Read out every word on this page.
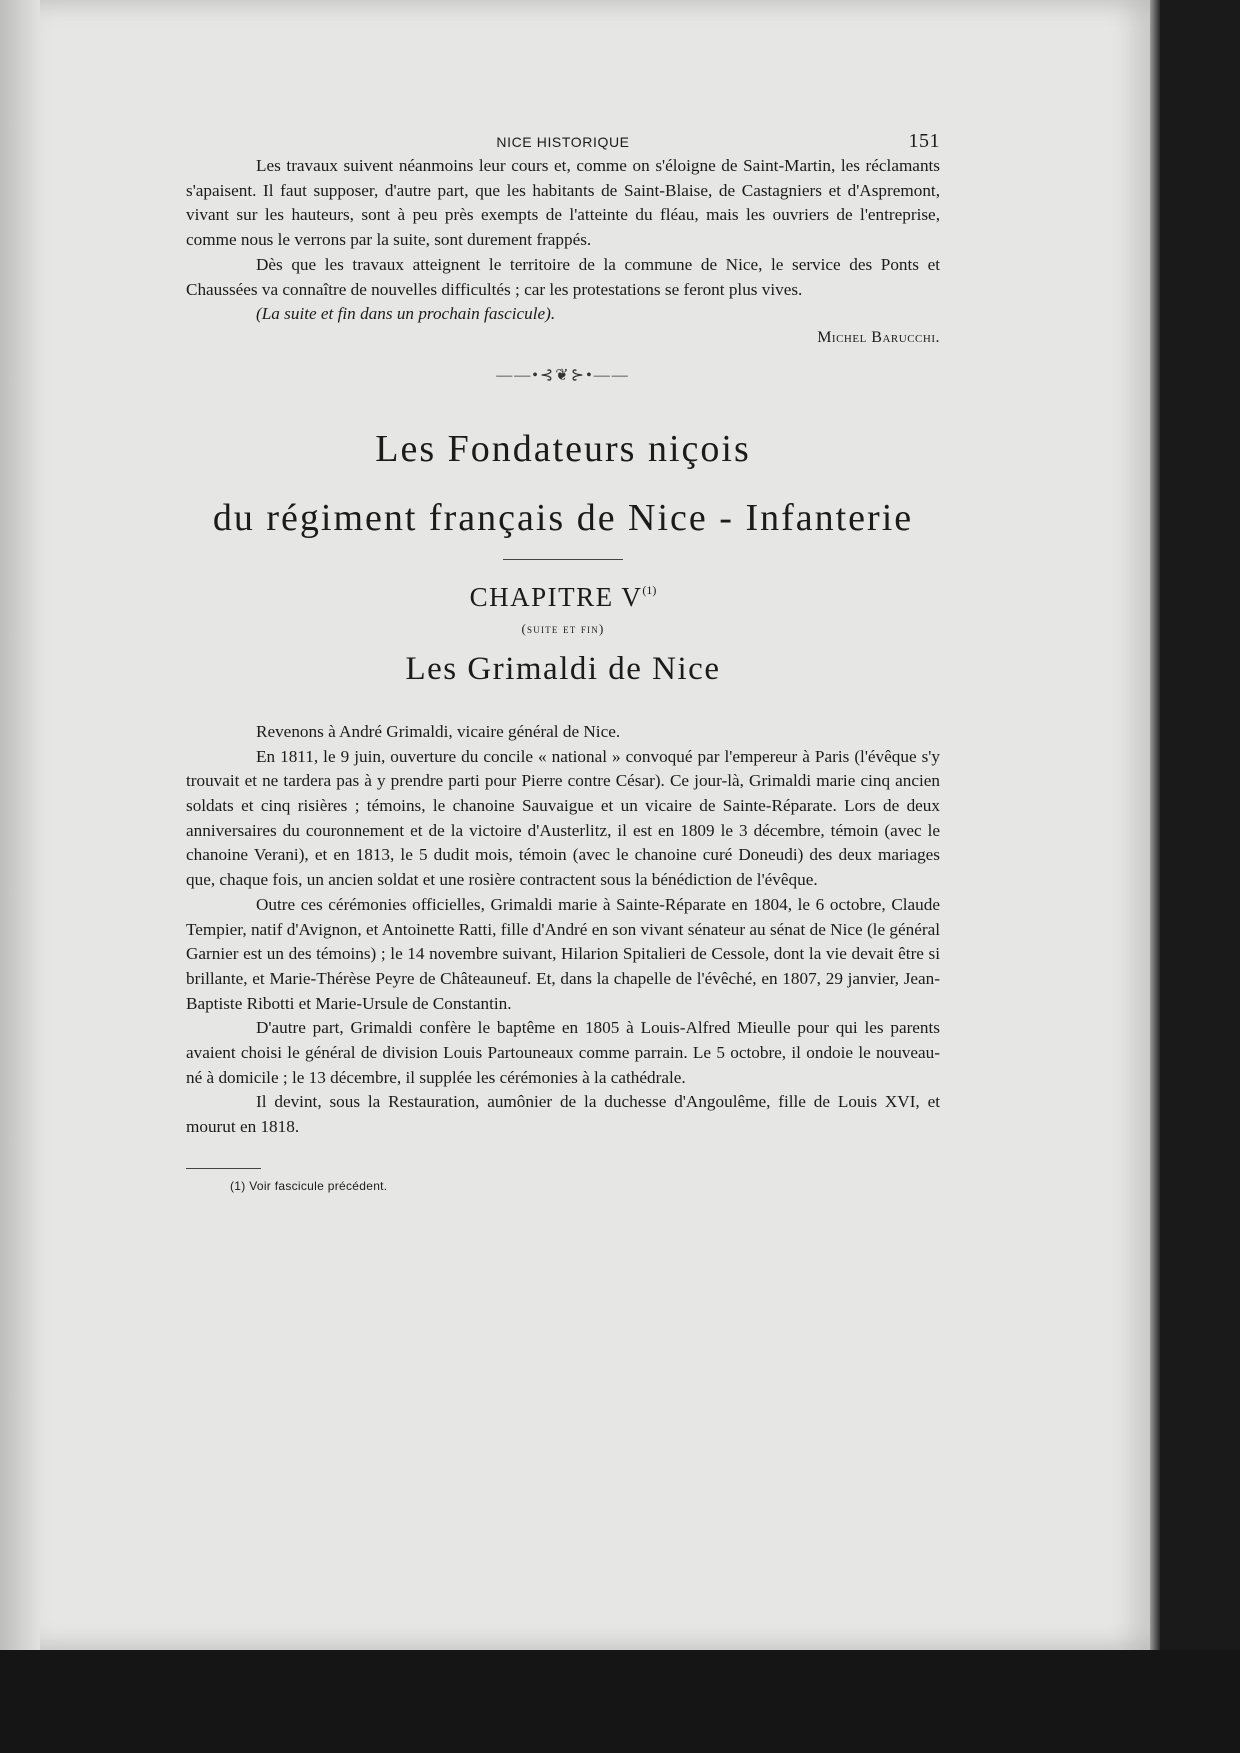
NICE HISTORIQUE	151

Les travaux suivent néanmoins leur cours et, comme on s'éloigne de Saint-Martin, les réclamants s'apaisent. Il faut supposer, d'autre part, que les habitants de Saint-Blaise, de Castagniers et d'Aspremont, vivant sur les hauteurs, sont à peu près exempts de l'atteinte du fléau, mais les ouvriers de l'entreprise, comme nous le verrons par la suite, sont durement frappés.

Dès que les travaux atteignent le territoire de la commune de Nice, le service des Ponts et Chaussées va connaître de nouvelles difficultés ; car les protestations se feront plus vives.

(La suite et fin dans un prochain fascicule).

Michel Barucchi.
——•⊰❦⊱•——
Les Fondateurs niçois
du régiment français de Nice - Infanterie
CHAPITRE $V^{(1)}$
(suite et fin)
Les Grimaldi de Nice

Revenons à André Grimaldi, vicaire général de Nice.

En 1811, le 9 juin, ouverture du concile « national » convoqué par l'empereur à Paris (l'évêque s'y trouvait et ne tardera pas à y prendre parti pour Pierre contre César). Ce jour-là, Grimaldi marie cinq ancien soldats et cinq risières ; témoins, le chanoine Sauvaigue et un vicaire de Sainte-Réparate. Lors de deux anniversaires du couronnement et de la victoire d'Austerlitz, il est en 1809 le 3 décembre, témoin (avec le chanoine Verani), et en 1813, le 5 dudit mois, témoin (avec le chanoine curé Doneudi) des deux mariages que, chaque fois, un ancien soldat et une rosière contractent sous la bénédiction de l'évêque.

Outre ces cérémonies officielles, Grimaldi marie à Sainte-Réparate en 1804, le 6 octobre, Claude Tempier, natif d'Avignon, et Antoinette Ratti, fille d'André en son vivant sénateur au sénat de Nice (le général Garnier est un des témoins) ; le 14 novembre suivant, Hilarion Spitalieri de Cessole, dont la vie devait être si brillante, et Marie-Thérèse Peyre de Châteauneuf. Et, dans la chapelle de l'évêché, en 1807, 29 janvier, Jean-Baptiste Ribotti et Marie-Ursule de Constantin.

D'autre part, Grimaldi confère le baptême en 1805 à Louis-Alfred Mieulle pour qui les parents avaient choisi le général de division Louis Partouneaux comme parrain. Le 5 octobre, il ondoie le nouveau-né à domicile ; le 13 décembre, il supplée les cérémonies à la cathédrale.

Il devint, sous la Restauration, aumônier de la duchesse d'Angoulême, fille de Louis XVI, et mourut en 1818.

(1) Voir fascicule précédent.
